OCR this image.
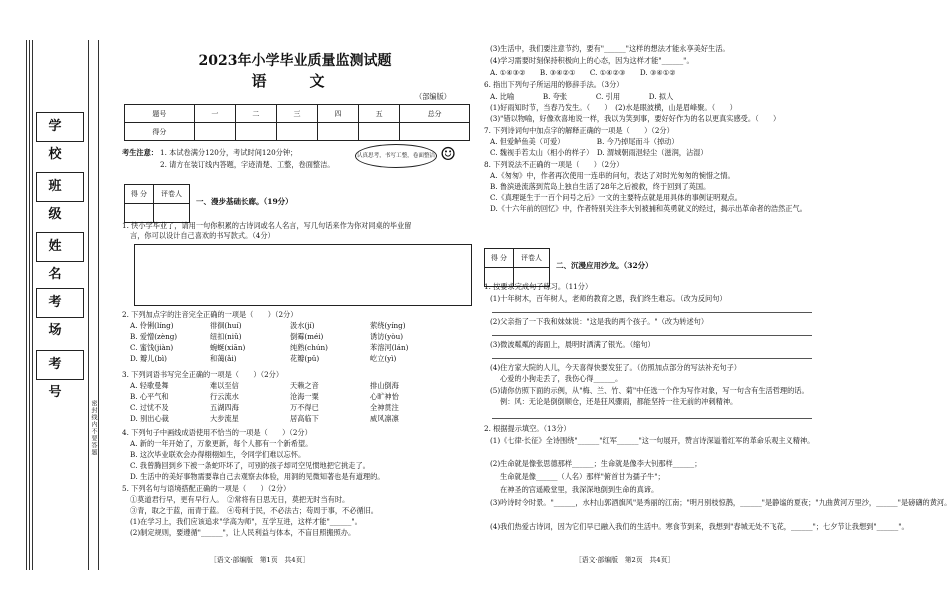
学 校
班 级
姓 名
考 场
考 号
密封线内不要答题
2023年小学毕业质量监测试题
语　文
（部编版）
题号	一	二	三	四	五	总分
得分						
考生注意： 1. 本试卷满分120分，考试时间120分钟；
2. 请方在装订线内答题，字迹清楚、工整，卷面整洁。
认真思考，书写工整，卷面整洁 ☺
得 分	评卷人

一、漫步基础长廊。（19分）
1. 快小学毕业了，请用一句你积累的古诗词或名人名言，写几句话来作为你对同桌的毕业留
言，你可以设计自己喜欢的书写款式。（4分）
2. 下列加点字的注音完全正确的一项是（　　）（2分）
A. 伶俐(líng)	徘徊(huí)	汲水(jí)	萦绕(yíng)
B. 爱憎(zèng)	纽扣(niǔ)	倒霉(méi)	诱访(yòu)
C. 蜜饯(jiàn)	蜿蜒(xiān)	纯熟(chún)	苯溶河(lán)
D. 瓣儿(bì)	和蔼(ǎi)	花瓣(pǔ)	屹立(yì)
3. 下列词语书写完全正确的一项是（　　）（2分）
A. 轻歌曼舞	难以至信	天赖之音	排山倒海
B. 心平气和	行云流水	沧海一粟	心旷神怡
C. 过忧不及	五湖四海	万不得已	全神贯注
D. 别出心裁	大步流星	居高临下	威风凛凛
4. 下列句子中画线成语使用不恰当的一项是（　　）（2分）
A. 新的一年开始了，万象更新，每个人都有一个新希望。
B. 这次毕业联欢会办得栩栩如生，令同学们难以忘怀。
C. 我曾腾回到乡下被一条蛇吓坏了，可别的孩子却司空见惯地把它挑走了。
D. 生活中的美好事物需要靠自己去观察去体验，用洞的见微知著也是有道理的。
5. 下列名句与语境搭配正确的一项是（　　）（2分）
①莫道君行早，更有早行人。　②常将有日思无日，莫把无时当有时。
③青，取之于蓝，而青于蓝。　④苟利于民，不必法古；苟周于事，不必循旧。
(1)在学习上，我们应该追求"学高为师"，互学互进，这样才能"______"。
(2)制定规则，要遵循"______"，让人民利益与体本，不盲目照搬照办。
［语文·部编版　第1页　共4页］
(3)生活中，我们要注意节约，要有"______"这样的想法才能永享美好生活。
(4)学习需要时刻保持积极向上的心态，因为这样才能"______"。
A. ①④③②　　B. ③④②①　　C. ①④②③　　D. ③④①②
6. 指出下列句子所运用的修辞手法。（3分）
A. 比喻　　　　B. 夸张　　　　C. 引用　　　　D. 拟人
(1)好雨知时节，当春乃发生。（　　）　(2)水是眼波横，山是眉峰聚。（　　）
(3)"错以物喻，好像欢喜地说一样，我以为笑到事，要好好作为的名以更真实感受。（　　）
7. 下列诗词句中加点字的解释正确的一项是（　　）（2分）
A. 但爱鲈鱼美（可爱）　　　　　B. 今乃掉尾而斗（掉动）
C. 魏视手若太山（相小的样子）　D. 渭城朝雨浥轻尘（滋润，沾湿）
8. 下列说法不正确的一项是（　　）（2分）
A.《匆匆》中，作者再次使用一连串的问句，表达了对时光匆匆的惋惜之情。
B. 鲁滨逊流落到荒岛上独自生活了28年之后被救，终于回到了英国。
C.《真理诞生于一百个问号之后》一文的主要特点就是用具体的事例证明观点。
D.《十六年前的回忆》中，作者特别关注李大钊被捕和英勇就义的经过，揭示出革命者的浩然正气。
得 分	评卷人

二、沉漫应用沙龙。（32分）
1. 按要求完成句子练习。（11分）
(1)十年树木，百年树人，老师的教育之恩，我们终生难忘。（改为反问句）
(2)父亲指了一下我和妹妹说："这是我的两个孩子。"（改为转述句）
(3)微波粼粼的海面上，晨明时洒满了银光。（缩句）
(4)住方家大院的人儿，今天喜得快要发狂了。（仿照加点部分的写法补充句子）
心爱的小狗走丢了，我伤心得______。
(5)请你仿照下面的示例，从"梅、兰、竹、菊"中任选一个作为写作对象，写一句含有生活哲理的话。
例：风：无论是倒倒顺仓，还是狂风骤雨，都能坚持一往无前的冲刺精神。
2. 根据提示填空。（13分）
(1)《七律·长征》全诗围绕"______"红军______"这一句展开，赞言诗深谥着红军的革命乐观主义精神。
(2)生命就是像张思德那样______；生命就是像李大钊那样______；
生命就是像______（人名）那样"俯首甘为孺子牛"；
在神圣的宫遥殿堂里，我深深地倒到生命的真谛。
(3)吟诗时令时景。"______，水村山郭酒旗风"是秀丽的江南；"明月别枝惊鹊，______"是静谧的夏夜；"九曲黄河万里沙，______"是磅礴的黄河。
(4)我们热爱古诗词，因为它们早已融入我们的生活中。寒食节到来，我想到"春城无处不飞花，______"；七夕节让我想到"______"。
［语文·部编版　第2页　共4页］
